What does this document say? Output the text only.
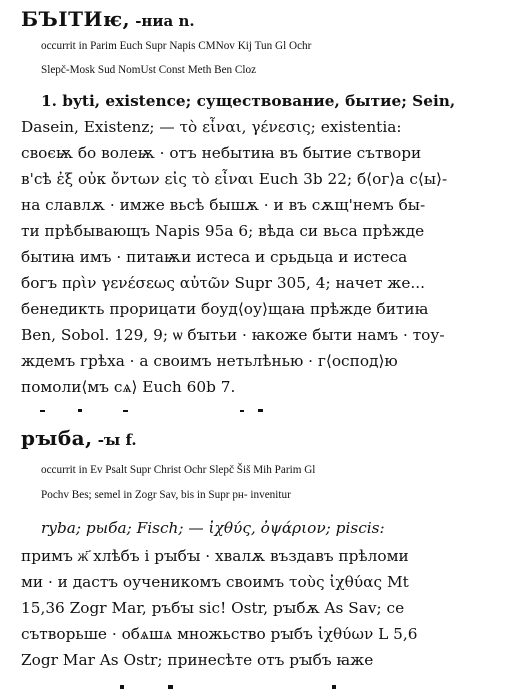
БЪІТИѥ, -ниа n.
occurrit in Parim Euch Supr Napis CMNov Kij Tun Gl Ochr
Slepč-Mosk Sud NomUst Const Meth Ben Cloz
1. byti, existence; существование, бытие; Sein,
Dasein, Existenz; — τὸ εἶναι, γένεσις; existentia:
своєѭ бо волеѭ · отъ небытиꙗ въ бытие сътвори
в'сѣ ἐξ οὐκ ὄντων εἰς τὸ εἶναι Euch 3b 22; б⟨ог⟩а с⟨ы⟩-
на славлѫ · имже вьсѣ бышѫ · и въ сѫщ'немъ бы-
ти прѣбывающъ Napis 95a 6; вѣда си вьса прѣжде
бытиꙗ имъ · питаѭи истеса и срьдьца и истеса
богъ πρὶν γενέσεως αὐτῶν Supr 305, 4; начет же...
бенедикть прорицати боуд⟨оу⟩щаꙗ прѣжде битиꙗ
Ben, Sobol. 129, 9; ѡ бꙑтьи · ꙗкоже быти намъ · тоу-
ждемъ грѣха · а своимъ нетьлѣнью · г⟨оспод⟩ю
помоли⟨мъ сѧ⟩ Euch 60b 7.
рꙑба, -ꙑ f.
occurrit in Ev Psalt Supr Christ Ochr Slepč Šiš Mih Parim Gl
Pochv Bes; semel in Zogr Sav, bis in Supr рн- invenitur
ryba; рыба; Fisch; — ἰχθύς, ὀψάριον; piscis:
примъ ж҃ хлѣбъ і рꙑбꙑ · хвалѫ въздавъ прѣломи
ми · и дастъ оученикомъ своимъ τοὺς ἰχθύας Mt
15,36 Zogr Mar, ръбꙑ sic! Ostr, рꙑбѫ As Sav; се
сътворьше · обѧшѧ множьство рꙑбъ ἰχθύων L 5,6
Zogr Mar As Ostr; принесѣте отъ рꙑбъ ꙗже
